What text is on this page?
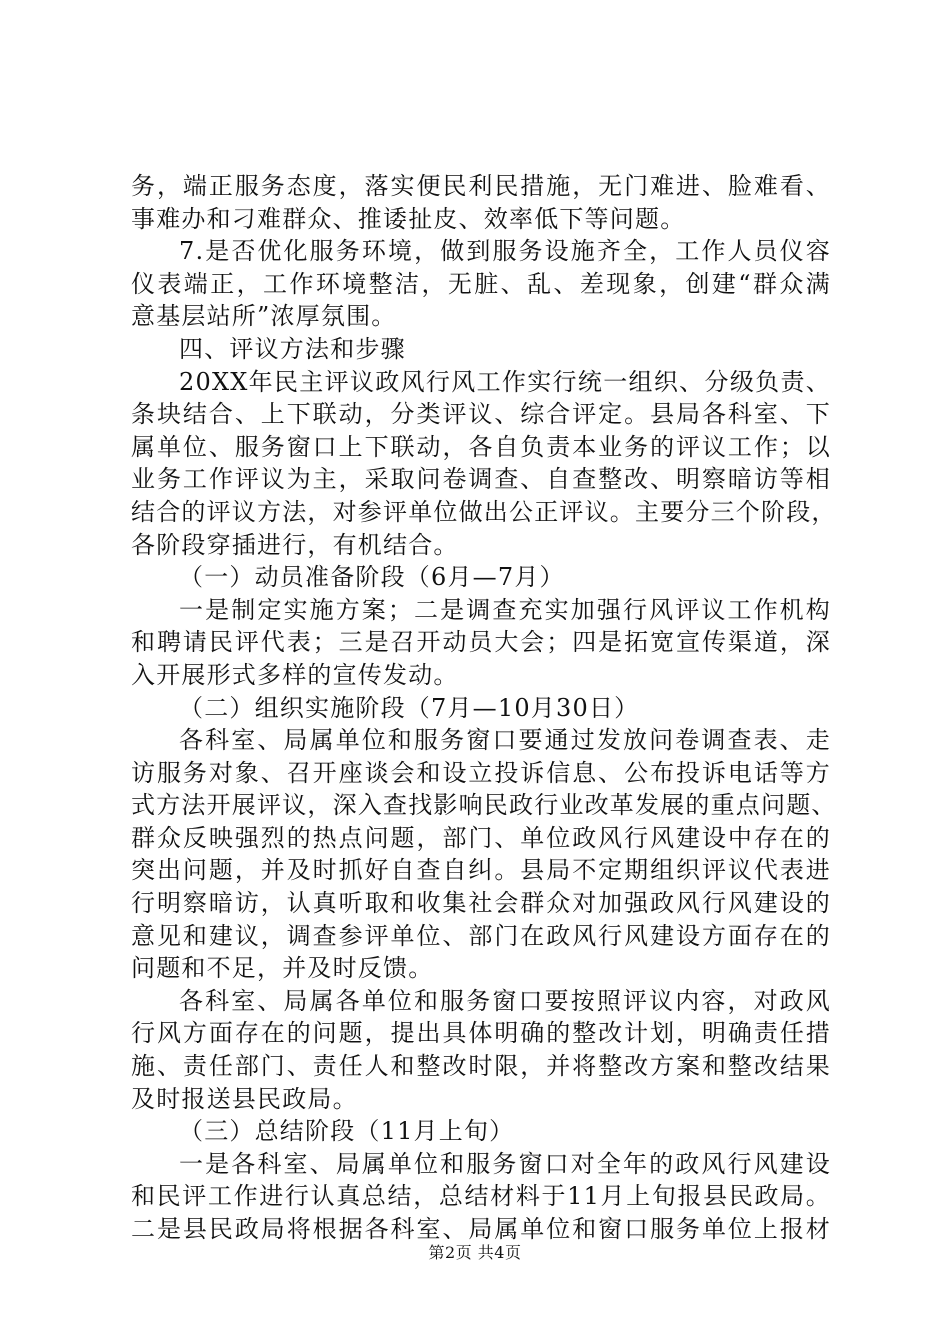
务，端正服务态度，落实便民利民措施，无门难进、脸难看、
事难办和刁难群众、推诿扯皮、效率低下等问题。
7.是否优化服务环境，做到服务设施齐全，工作人员仪容
仪表端正，工作环境整洁，无脏、乱、差现象，创建“群众满
意基层站所”浓厚氛围。
四、评议方法和步骤
20XX年民主评议政风行风工作实行统一组织、分级负责、
条块结合、上下联动，分类评议、综合评定。县局各科室、下
属单位、服务窗口上下联动，各自负责本业务的评议工作；以
业务工作评议为主，采取问卷调查、自查整改、明察暗访等相
结合的评议方法，对参评单位做出公正评议。主要分三个阶段，
各阶段穿插进行，有机结合。
（一）动员准备阶段（6月—7月）
一是制定实施方案；二是调查充实加强行风评议工作机构
和聘请民评代表；三是召开动员大会；四是拓宽宣传渠道，深
入开展形式多样的宣传发动。
（二）组织实施阶段（7月—10月30日）
各科室、局属单位和服务窗口要通过发放问卷调查表、走
访服务对象、召开座谈会和设立投诉信息、公布投诉电话等方
式方法开展评议，深入查找影响民政行业改革发展的重点问题、
群众反映强烈的热点问题，部门、单位政风行风建设中存在的
突出问题，并及时抓好自查自纠。县局不定期组织评议代表进
行明察暗访，认真听取和收集社会群众对加强政风行风建设的
意见和建议，调查参评单位、部门在政风行风建设方面存在的
问题和不足，并及时反馈。
各科室、局属各单位和服务窗口要按照评议内容，对政风
行风方面存在的问题，提出具体明确的整改计划，明确责任措
施、责任部门、责任人和整改时限，并将整改方案和整改结果
及时报送县民政局。
（三）总结阶段（11月上旬）
一是各科室、局属单位和服务窗口对全年的政风行风建设
和民评工作进行认真总结，总结材料于11月上旬报县民政局。
二是县民政局将根据各科室、局属单位和窗口服务单位上报材
第2页 共4页
